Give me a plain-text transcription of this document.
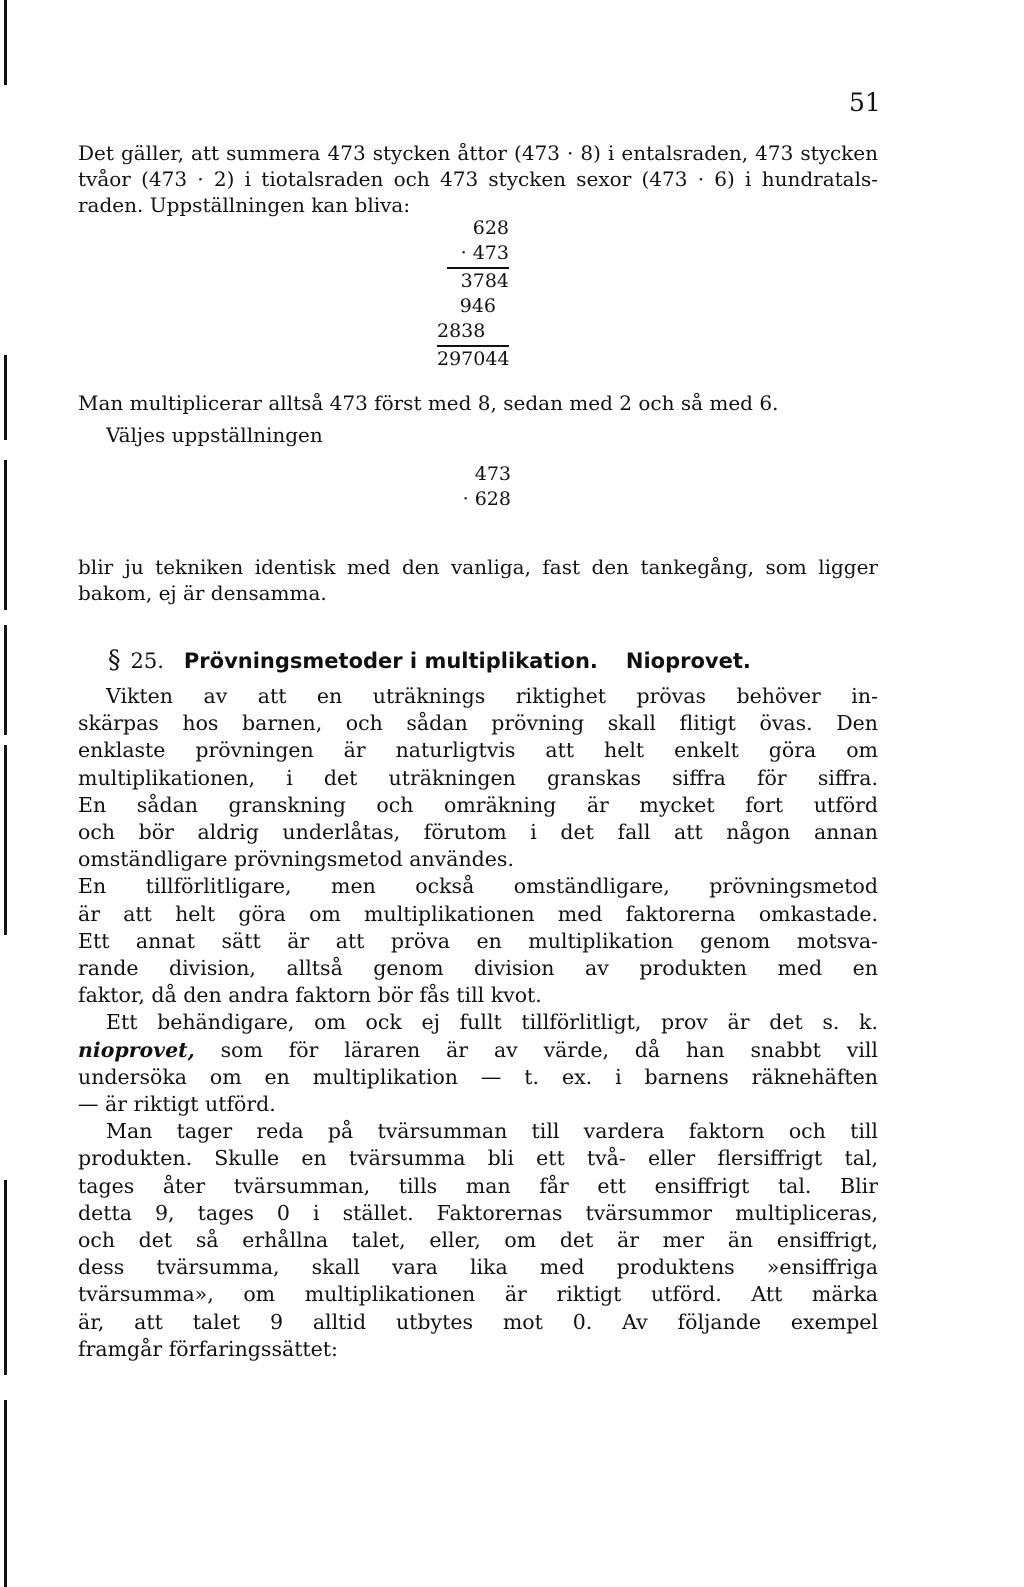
51
Det gäller, att summera 473 stycken åttor (473 · 8) i entalsraden, 473 stycken
tvåor (473 · 2) i tiotalsraden och 473 stycken sexor (473 · 6) i hundratals-
raden. Uppställningen kan bliva:
628
· 473
3784
946
2838
297044
Man multiplicerar alltså 473 först med 8, sedan med 2 och så med 6.
Väljes uppställningen
473
· 628
blir ju tekniken identisk med den vanliga, fast den tankegång, som ligger
bakom, ej är densamma.
§ 25. Prövningsmetoder i multiplikation. Nioprovet.
Vikten av att en uträknings riktighet prövas behöver in-
skärpas hos barnen, och sådan prövning skall flitigt övas. Den
enklaste prövningen är naturligtvis att helt enkelt göra om
multiplikationen, i det uträkningen granskas siffra för siffra.
En sådan granskning och omräkning är mycket fort utförd
och bör aldrig underlåtas, förutom i det fall att någon annan
omständligare prövningsmetod användes.
En tillförlitligare, men också omständligare, prövningsmetod
är att helt göra om multiplikationen med faktorerna omkastade.
Ett annat sätt är att pröva en multiplikation genom motsva-
rande division, alltså genom division av produkten med en
faktor, då den andra faktorn bör fås till kvot.
Ett behändigare, om ock ej fullt tillförlitligt, prov är det s. k.
nioprovet, som för läraren är av värde, då han snabbt vill
undersöka om en multiplikation — t. ex. i barnens räknehäften
— är riktigt utförd.
Man tager reda på tvärsumman till vardera faktorn och till
produkten. Skulle en tvärsumma bli ett två- eller flersiffrigt tal,
tages åter tvärsumman, tills man får ett ensiffrigt tal. Blir
detta 9, tages 0 i stället. Faktorernas tvärsummor multipliceras,
och det så erhållna talet, eller, om det är mer än ensiffrigt,
dess tvärsumma, skall vara lika med produktens »ensiffriga
tvärsumma», om multiplikationen är riktigt utförd. Att märka
är, att talet 9 alltid utbytes mot 0. Av följande exempel
framgår förfaringssättet:
